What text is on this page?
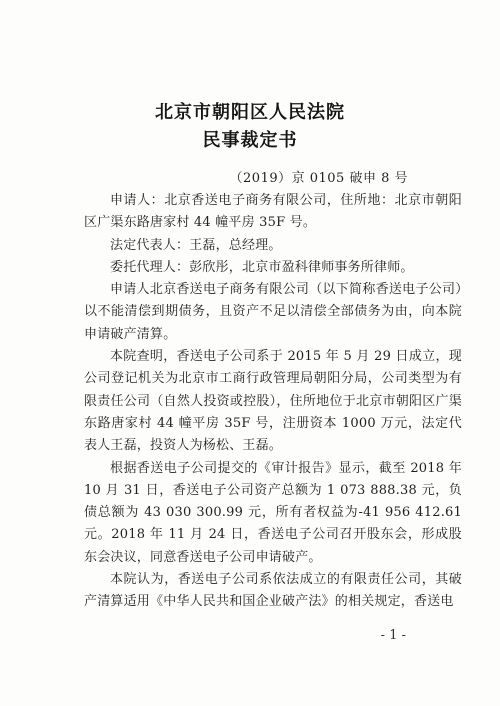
北京市朝阳区人民法院
民事裁定书
（2019）京 0105 破申 8 号

申请人：北京香送电子商务有限公司，住所地：北京市朝阳区广渠东路唐家村 44 幢平房 35F 号。

法定代表人：王磊，总经理。

委托代理人：彭欣彤，北京市盈科律师事务所律师。

申请人北京香送电子商务有限公司（以下简称香送电子公司）以不能清偿到期债务，且资产不足以清偿全部债务为由，向本院申请破产清算。

本院查明，香送电子公司系于 2015 年 5 月 29 日成立，现公司登记机关为北京市工商行政管理局朝阳分局，公司类型为有限责任公司（自然人投资或控股），住所地位于北京市朝阳区广渠东路唐家村 44 幢平房 35F 号，注册资本 1000 万元，法定代表人王磊，投资人为杨松、王磊。

根据香送电子公司提交的《审计报告》显示，截至 2018 年 10 月 31 日，香送电子公司资产总额为 1 073 888.38 元，负债总额为 43 030 300.99 元，所有者权益为-41 956 412.61 元。2018 年 11 月 24 日，香送电子公司召开股东会，形成股东会决议，同意香送电子公司申请破产。

本院认为，香送电子公司系依法成立的有限责任公司，其破产清算适用《中华人民共和国企业破产法》的相关规定，香送电

- 1 -
